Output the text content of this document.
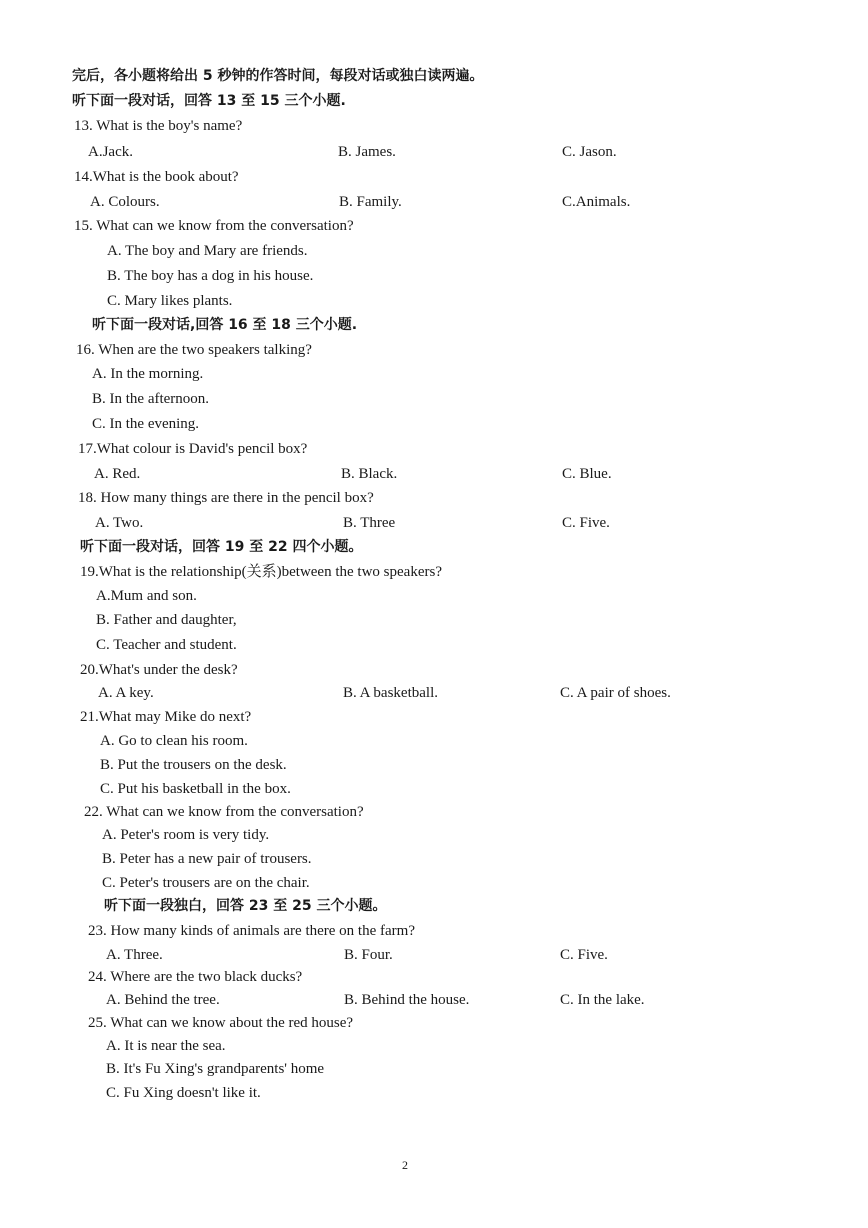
完后，各小题将给出 5 秒钟的作答时间，每段对话或独白读两遍。
听下面一段对话，回答 13 至 15 三个小题.
13. What is the boy's name?
A.Jack.	B. James.	C. Jason.
14.What is the book about?
A. Colours.	B. Family.	C.Animals.
15. What can we know from the conversation?
A. The boy and Mary are friends.
B. The boy has a dog in his house.
C. Mary likes plants.
听下面一段对话,回答 16 至 18 三个小题.
16. When are the two speakers talking?
A. In the morning.
B. In the afternoon.
C. In the evening.
17.What colour is David's pencil box?
A. Red.	B. Black.	C. Blue.
18. How many things are there in the pencil box?
A. Two.	B. Three	C. Five.
听下面一段对话，回答 19 至 22 四个小题。
19.What is the relationship(关系)between the two speakers?
A.Mum and son.
B. Father and daughter,
C. Teacher and student.
20.What's under the desk?
A. A key.	B. A basketball.	C. A pair of shoes.
21.What may Mike do next?
A. Go to clean his room.
B. Put the trousers on the desk.
C. Put his basketball in the box.
22. What can we know from the conversation?
A. Peter's room is very tidy.
B. Peter has a new pair of trousers.
C. Peter's trousers are on the chair.
听下面一段独白，回答 23 至 25 三个小题。
23. How many kinds of animals are there on the farm?
A. Three.	B. Four.	C. Five.
24. Where are the two black ducks?
A. Behind the tree.	B. Behind the house.	C. In the lake.
25. What can we know about the red house?
A. It is near the sea.
B. It's Fu Xing's grandparents' home
C. Fu Xing doesn't like it.
2
